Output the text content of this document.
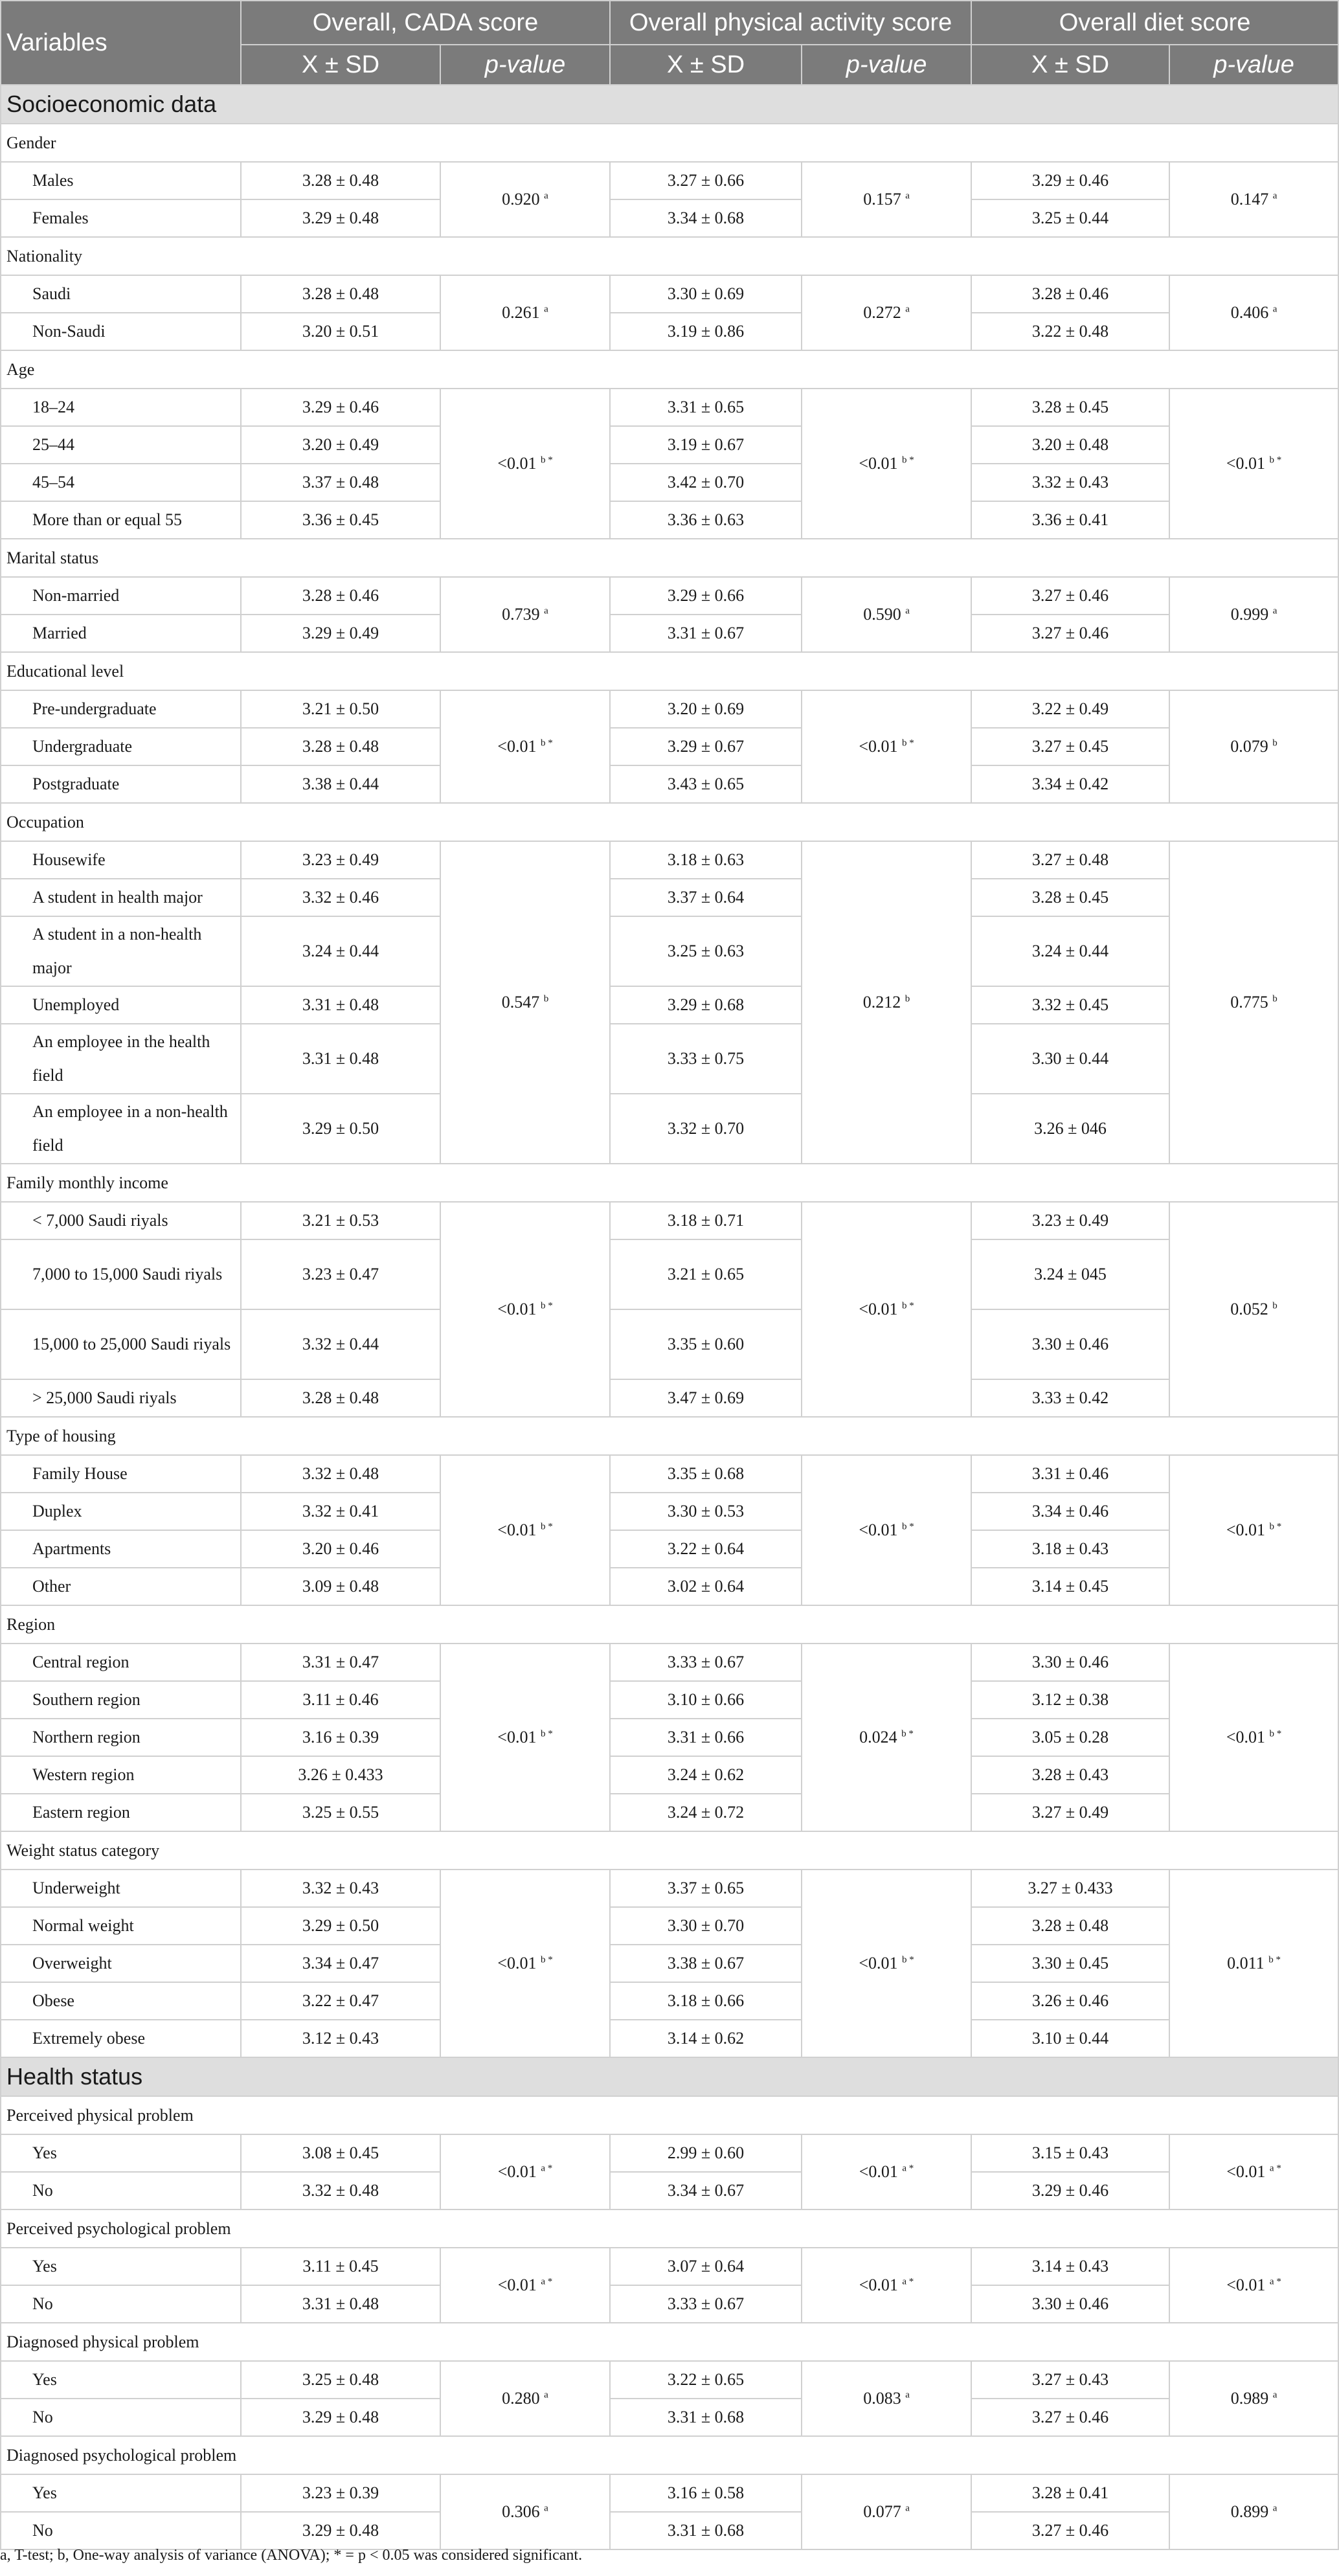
Variables	Overall, CADA score		Overall physical activity score		Overall diet score	
	X ± SD	p-value	X ± SD	p-value	X ± SD	p-value
Socioeconomic data						
Gender						
Males	3.28 ± 0.48	0.920 $^a$	3.27 ± 0.66	0.157 $^a$	3.29 ± 0.46	0.147 $^a$
Females	3.29 ± 0.48		3.34 ± 0.68		3.25 ± 0.44	
Nationality						
Saudi	3.28 ± 0.48	0.261 $^a$	3.30 ± 0.69	0.272 $^a$	3.28 ± 0.46	0.406 $^a$
Non-Saudi	3.20 ± 0.51		3.19 ± 0.86		3.22 ± 0.48	
Age						
18–24	3.29 ± 0.46	<0.01 $^{b *}$	3.31 ± 0.65	<0.01 $^{b *}$	3.28 ± 0.45	<0.01 $^{b *}$
25–44	3.20 ± 0.49		3.19 ± 0.67		3.20 ± 0.48	
45–54	3.37 ± 0.48		3.42 ± 0.70		3.32 ± 0.43	
More than or equal 55	3.36 ± 0.45		3.36 ± 0.63		3.36 ± 0.41	
Marital status						
Non-married	3.28 ± 0.46	0.739 $^a$	3.29 ± 0.66	0.590 $^a$	3.27 ± 0.46	0.999 $^a$
Married	3.29 ± 0.49		3.31 ± 0.67		3.27 ± 0.46	
Educational level						
Pre-undergraduate	3.21 ± 0.50	<0.01 $^{b *}$	3.20 ± 0.69	<0.01 $^{b *}$	3.22 ± 0.49	0.079 $^b$
Undergraduate	3.28 ± 0.48		3.29 ± 0.67		3.27 ± 0.45	
Postgraduate	3.38 ± 0.44		3.43 ± 0.65		3.34 ± 0.42	
Occupation						
Housewife	3.23 ± 0.49	0.547 $^b$	3.18 ± 0.63	0.212 $^b$	3.27 ± 0.48	0.775 $^b$
A student in health major	3.32 ± 0.46		3.37 ± 0.64		3.28 ± 0.45	
A student in a non-health major	3.24 ± 0.44		3.25 ± 0.63		3.24 ± 0.44	
Unemployed	3.31 ± 0.48		3.29 ± 0.68		3.32 ± 0.45	
An employee in the health field	3.31 ± 0.48		3.33 ± 0.75		3.30 ± 0.44	
An employee in a non-health field	3.29 ± 0.50		3.32 ± 0.70		3.26 ± 046	
Family monthly income						
< 7,000 Saudi riyals	3.21 ± 0.53	<0.01 $^{b *}$	3.18 ± 0.71	<0.01 $^{b *}$	3.23 ± 0.49	0.052 $^b$
7,000 to 15,000 Saudi riyals	3.23 ± 0.47		3.21 ± 0.65		3.24 ± 045	
15,000 to 25,000 Saudi riyals	3.32 ± 0.44		3.35 ± 0.60		3.30 ± 0.46	
> 25,000 Saudi riyals	3.28 ± 0.48		3.47 ± 0.69		3.33 ± 0.42	
Type of housing						
Family House	3.32 ± 0.48	<0.01 $^{b *}$	3.35 ± 0.68	<0.01 $^{b *}$	3.31 ± 0.46	<0.01 $^{b *}$
Duplex	3.32 ± 0.41		3.30 ± 0.53		3.34 ± 0.46	
Apartments	3.20 ± 0.46		3.22 ± 0.64		3.18 ± 0.43	
Other	3.09 ± 0.48		3.02 ± 0.64		3.14 ± 0.45	
Region						
Central region	3.31 ± 0.47	<0.01 $^{b *}$	3.33 ± 0.67	0.024 $^{b *}$	3.30 ± 0.46	<0.01 $^{b *}$
Southern region	3.11 ± 0.46		3.10 ± 0.66		3.12 ± 0.38	
Northern region	3.16 ± 0.39		3.31 ± 0.66		3.05 ± 0.28	
Western region	3.26 ± 0.433		3.24 ± 0.62		3.28 ± 0.43	
Eastern region	3.25 ± 0.55		3.24 ± 0.72		3.27 ± 0.49	
Weight status category						
Underweight	3.32 ± 0.43	<0.01 $^{b *}$	3.37 ± 0.65	<0.01 $^{b *}$	3.27 ± 0.433	0.011 $^{b *}$
Normal weight	3.29 ± 0.50		3.30 ± 0.70		3.28 ± 0.48	
Overweight	3.34 ± 0.47		3.38 ± 0.67		3.30 ± 0.45	
Obese	3.22 ± 0.47		3.18 ± 0.66		3.26 ± 0.46	
Extremely obese	3.12 ± 0.43		3.14 ± 0.62		3.10 ± 0.44	
Health status						
Perceived physical problem						
Yes	3.08 ± 0.45	<0.01 $^{a *}$	2.99 ± 0.60	<0.01 $^{a *}$	3.15 ± 0.43	<0.01 $^{a *}$
No	3.32 ± 0.48		3.34 ± 0.67		3.29 ± 0.46	
Perceived psychological problem						
Yes	3.11 ± 0.45	<0.01 $^{a *}$	3.07 ± 0.64	<0.01 $^{a *}$	3.14 ± 0.43	<0.01 $^{a *}$
No	3.31 ± 0.48		3.33 ± 0.67		3.30 ± 0.46	
Diagnosed physical problem						
Yes	3.25 ± 0.48	0.280 $^a$	3.22 ± 0.65	0.083 $^a$	3.27 ± 0.43	0.989 $^a$
No	3.29 ± 0.48		3.31 ± 0.68		3.27 ± 0.46	
Diagnosed psychological problem						
Yes	3.23 ± 0.39	0.306 $^a$	3.16 ± 0.58	0.077 $^a$	3.28 ± 0.41	0.899 $^a$
No	3.29 ± 0.48		3.31 ± 0.68		3.27 ± 0.46	
a, T-test; b, One-way analysis of variance (ANOVA); * = p < 0.05 was considered significant.
